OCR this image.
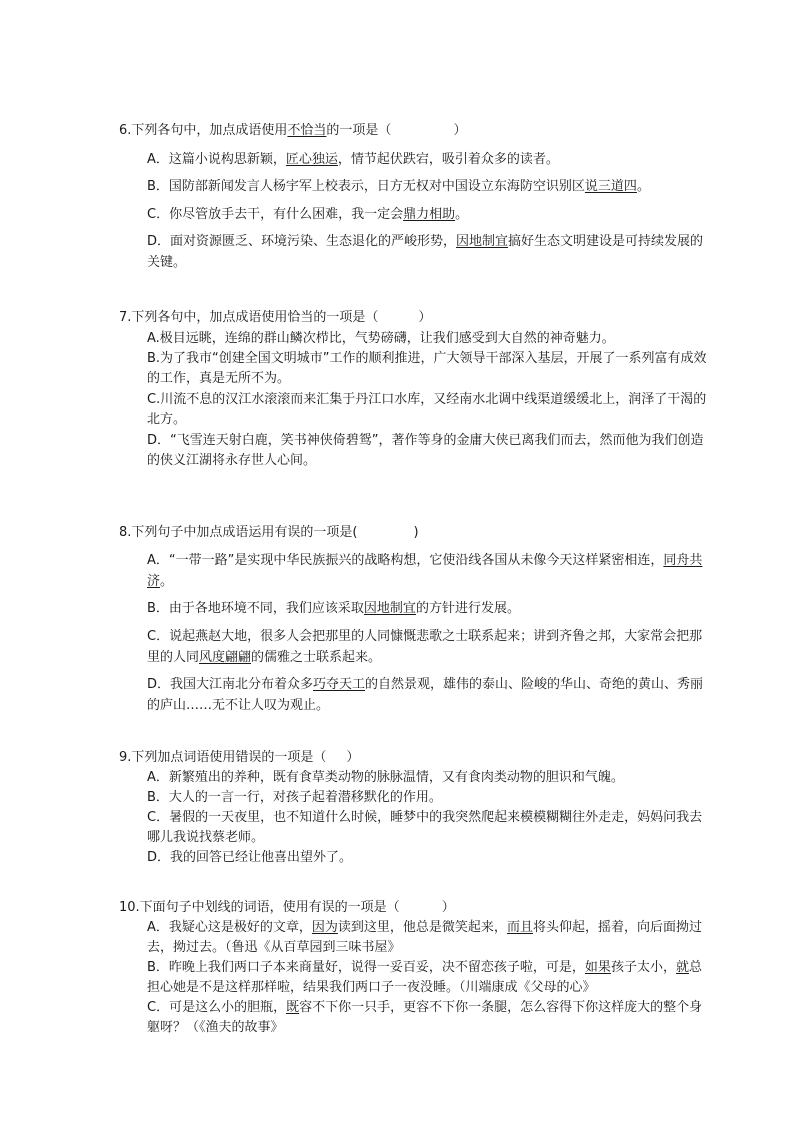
6.下列各句中，加点成语使用不恰当的一项是（	）
A．这篇小说构思新颖，匠心独运，情节起伏跌宕，吸引着众多的读者。
B．国防部新闻发言人杨宇军上校表示，日方无权对中国设立东海防空识别区说三道四。
C．你尽管放手去干，有什么困难，我一定会鼎力相助。
D．面对资源匮乏、环境污染、生态退化的严峻形势，因地制宜搞好生态文明建设是可持续发展的关键。
7.下列各句中，加点成语使用恰当的一项是（	）
A.极目远眺，连绵的群山鳞次栉比，气势磅礴，让我们感受到大自然的神奇魅力。
B.为了我市“创建全国文明城市”工作的顺利推进，广大领导干部深入基层，开展了一系列富有成效的工作，真是无所不为。
C.川流不息的汉江水滚滚而来汇集于丹江口水库，又经南水北调中线渠道缓缓北上，润泽了干渴的北方。
D．“飞雪连天射白鹿，笑书神侠倚碧鸳”，著作等身的金庸大侠已离我们而去，然而他为我们创造的侠义江湖将永存世人心间。
8.下列句子中加点成语运用有误的一项是(	)
A．“一带一路”是实现中华民族振兴的战略构想，它使沿线各国从未像今天这样紧密相连，同舟共济。
B．由于各地环境不同，我们应该采取因地制宜的方针进行发展。
C．说起燕赵大地，很多人会把那里的人同慷慨悲歌之士联系起来；讲到齐鲁之邦，大家常会把那里的人同风度翩翩的儒雅之士联系起来。
D．我国大江南北分布着众多巧夺天工的自然景观，雄伟的泰山、险峻的华山、奇绝的黄山、秀丽的庐山……无不让人叹为观止。
9.下列加点词语使用错误的一项是（ ）
A．新繁殖出的养种，既有食草类动物的脉脉温情，又有食肉类动物的胆识和气魄。
B．大人的一言一行，对孩子起着潜移默化的作用。
C．暑假的一天夜里，也不知道什么时候，睡梦中的我突然爬起来模模糊糊往外走走，妈妈问我去哪儿我说找蔡老师。
D．我的回答已经让他喜出望外了。
10.下面句子中划线的词语，使用有误的一项是（	）
A．我疑心这是极好的文章，因为读到这里，他总是微笑起来，而且将头仰起，摇着，向后面拗过去，拗过去。（鲁迅《从百草园到三味书屋》
B．昨晚上我们两口子本来商量好，说得一妥百妥，决不留恋孩子啦，可是，如果孩子太小，就总担心她是不是这样那样啦，结果我们两口子一夜没睡。（川端康成《父母的心》
C．可是这么小的胆瓶，既容不下你一只手，更容不下你一条腿，怎么容得下你这样庞大的整个身躯呀？（《渔夫的故事》
